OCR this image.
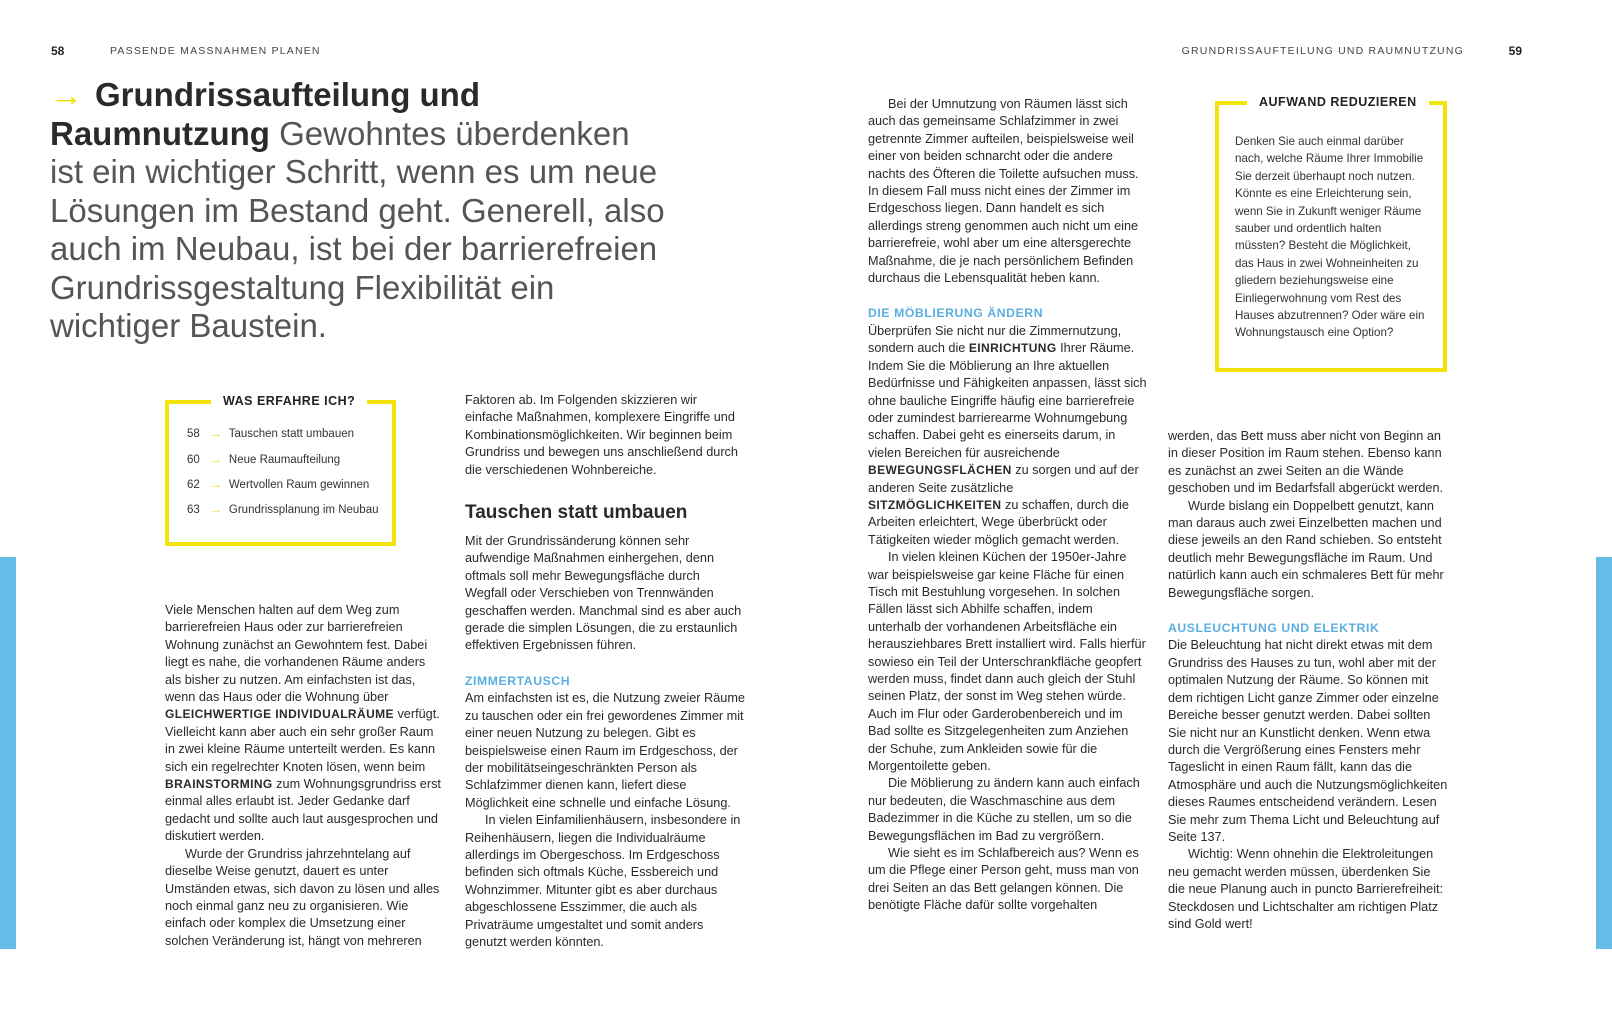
58	PASSENDE MASSNAHMEN PLANEN	GRUNDRISSAUFTEILUNG UND RAUMNUTZUNG	59
→ Grundrissaufteilung und Raumnutzung Gewohntes überdenken ist ein wichtiger Schritt, wenn es um neue Lösungen im Bestand geht. Generell, also auch im Neubau, ist bei der barrierefreien Grundrissgestaltung Flexibilität ein wichtiger Baustein.
WAS ERFAHRE ICH?
58 → Tauschen statt umbauen
60 → Neue Raumaufteilung
62 → Wertvollen Raum gewinnen
63 → Grundrissplanung im Neubau
AUFWAND REDUZIEREN
Denken Sie auch einmal darüber nach, welche Räume Ihrer Immobilie Sie derzeit überhaupt noch nutzen. Könnte es eine Erleichterung sein, wenn Sie in Zukunft weniger Räume sauber und ordentlich halten müssten? Besteht die Möglichkeit, das Haus in zwei Wohneinheiten zu gliedern beziehungsweise eine Einliegerwohnung vom Rest des Hauses abzutrennen? Oder wäre ein Wohnungstausch eine Option?

Viele Menschen halten auf dem Weg zum barrierefreien Haus oder zur barrierefreien Wohnung zunächst an Gewohntem fest. Dabei liegt es nahe, die vorhandenen Räume anders als bisher zu nutzen. Am einfachsten ist das, wenn das Haus oder die Wohnung über GLEICHWERTIGE INDIVIDUALRÄUME verfügt. Vielleicht kann aber auch ein sehr großer Raum in zwei kleine Räume unterteilt werden. Es kann sich ein regelrechter Knoten lösen, wenn beim BRAINSTORMING zum Wohnungsgrundriss erst einmal alles erlaubt ist. Jeder Gedanke darf gedacht und sollte auch laut ausgesprochen und diskutiert werden.

Wurde der Grundriss jahrzehntelang auf dieselbe Weise genutzt, dauert es unter Umständen etwas, sich davon zu lösen und alles noch einmal ganz neu zu organisieren. Wie einfach oder komplex die Umsetzung einer solchen Veränderung ist, hängt von mehreren

Faktoren ab. Im Folgenden skizzieren wir einfache Maßnahmen, komplexere Eingriffe und Kombinationsmöglichkeiten. Wir beginnen beim Grundriss und bewegen uns anschließend durch die verschiedenen Wohnbereiche.

Tauschen statt umbauen

Mit der Grundrissänderung können sehr aufwendige Maßnahmen einhergehen, denn oftmals soll mehr Bewegungsfläche durch Wegfall oder Verschieben von Trennwänden geschaffen werden. Manchmal sind es aber auch gerade die simplen Lösungen, die zu erstaunlich effektiven Ergebnissen führen.

ZIMMERTAUSCH

Am einfachsten ist es, die Nutzung zweier Räume zu tauschen oder ein frei gewordenes Zimmer mit einer neuen Nutzung zu belegen. Gibt es beispielsweise einen Raum im Erdgeschoss, der der mobilitätseingeschränkten Person als Schlafzimmer dienen kann, liefert diese Möglichkeit eine schnelle und einfache Lösung.

In vielen Einfamilienhäusern, insbesondere in Reihenhäusern, liegen die Individualräume allerdings im Obergeschoss. Im Erdgeschoss befinden sich oftmals Küche, Essbereich und Wohnzimmer. Mitunter gibt es aber durchaus abgeschlossene Esszimmer, die auch als Privaträume umgestaltet und somit anders genutzt werden könnten.

Bei der Umnutzung von Räumen lässt sich auch das gemeinsame Schlafzimmer in zwei getrennte Zimmer aufteilen, beispielsweise weil einer von beiden schnarcht oder die andere nachts des Öfteren die Toilette aufsuchen muss. In diesem Fall muss nicht eines der Zimmer im Erdgeschoss liegen. Dann handelt es sich allerdings streng genommen auch nicht um eine barrierefreie, wohl aber um eine altersgerechte Maßnahme, die je nach persönlichem Befinden durchaus die Lebensqualität heben kann.

DIE MÖBLIERUNG ÄNDERN

Überprüfen Sie nicht nur die Zimmernutzung, sondern auch die EINRICHTUNG Ihrer Räume. Indem Sie die Möblierung an Ihre aktuellen Bedürfnisse und Fähigkeiten anpassen, lässt sich ohne bauliche Eingriffe häufig eine barrierefreie oder zumindest barrierearme Wohnumgebung schaffen. Dabei geht es einerseits darum, in vielen Bereichen für ausreichende BEWEGUNGSFLÄCHEN zu sorgen und auf der anderen Seite zusätzliche SITZMÖGLICHKEITEN zu schaffen, durch die Arbeiten erleichtert, Wege überbrückt oder Tätigkeiten wieder möglich gemacht werden.

In vielen kleinen Küchen der 1950er-Jahre war beispielsweise gar keine Fläche für einen Tisch mit Bestuhlung vorgesehen. In solchen Fällen lässt sich Abhilfe schaffen, indem unterhalb der vorhandenen Arbeitsfläche ein herausziehbares Brett installiert wird. Falls hierfür sowieso ein Teil der Unterschrankfläche geopfert werden muss, findet dann auch gleich der Stuhl seinen Platz, der sonst im Weg stehen würde. Auch im Flur oder Garderobenbereich und im Bad sollte es Sitzgelegenheiten zum Anziehen der Schuhe, zum Ankleiden sowie für die Morgentoilette geben.

Die Möblierung zu ändern kann auch einfach nur bedeuten, die Waschmaschine aus dem Badezimmer in die Küche zu stellen, um so die Bewegungsflächen im Bad zu vergrößern.

Wie sieht es im Schlafbereich aus? Wenn es um die Pflege einer Person geht, muss man von drei Seiten an das Bett gelangen können. Die benötigte Fläche dafür sollte vorgehalten

werden, das Bett muss aber nicht von Beginn an in dieser Position im Raum stehen. Ebenso kann es zunächst an zwei Seiten an die Wände geschoben und im Bedarfsfall abgerückt werden.

Wurde bislang ein Doppelbett genutzt, kann man daraus auch zwei Einzelbetten machen und diese jeweils an den Rand schieben. So entsteht deutlich mehr Bewegungsfläche im Raum. Und natürlich kann auch ein schmaleres Bett für mehr Bewegungsfläche sorgen.

AUSLEUCHTUNG UND ELEKTRIK

Die Beleuchtung hat nicht direkt etwas mit dem Grundriss des Hauses zu tun, wohl aber mit der optimalen Nutzung der Räume. So können mit dem richtigen Licht ganze Zimmer oder einzelne Bereiche besser genutzt werden. Dabei sollten Sie nicht nur an Kunstlicht denken. Wenn etwa durch die Vergrößerung eines Fensters mehr Tageslicht in einen Raum fällt, kann das die Atmosphäre und auch die Nutzungsmöglichkeiten dieses Raumes entscheidend verändern. Lesen Sie mehr zum Thema Licht und Beleuchtung auf Seite 137.

Wichtig: Wenn ohnehin die Elektroleitungen neu gemacht werden müssen, überdenken Sie die neue Planung auch in puncto Barrierefreiheit: Steckdosen und Lichtschalter am richtigen Platz sind Gold wert!
